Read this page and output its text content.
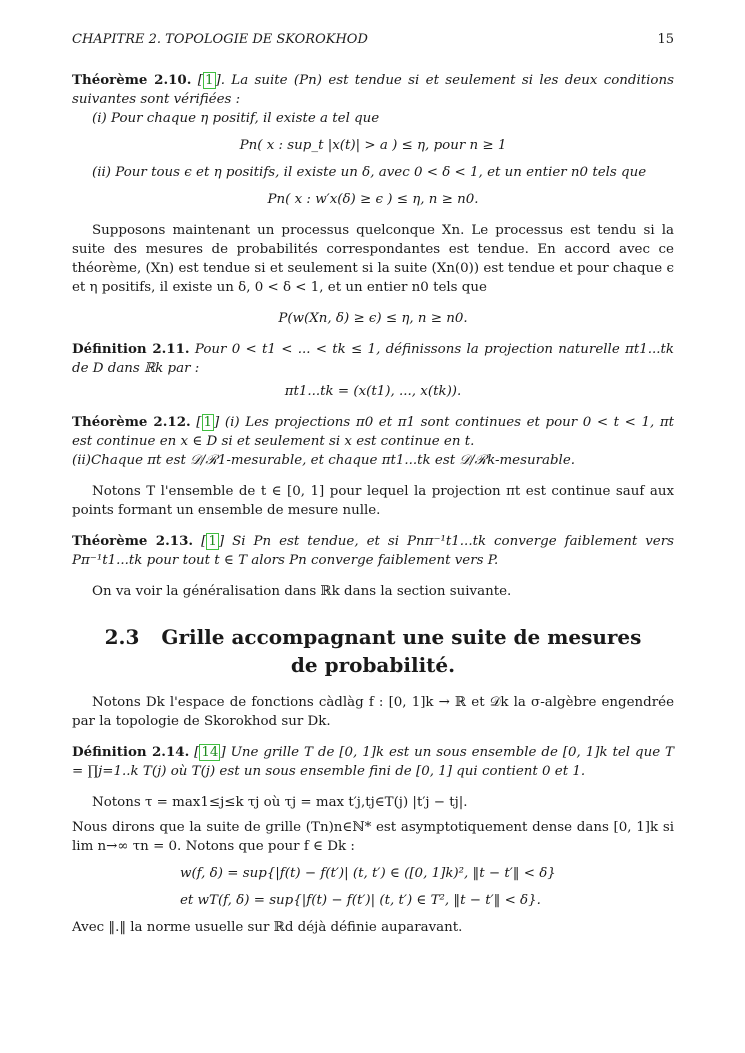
CHAPITRE 2. TOPOLOGIE DE SKOROKHOD	15

Théorème 2.10. [ 1 ]. La suite (Pn) est tendue si et seulement si les deux conditions suivantes sont vérifiées :

(i) Pour chaque η positif, il existe a tel que

Pn( x : sup_t |x(t)| > a ) ≤ η, pour n ≥ 1

(ii) Pour tous ϵ et η positifs, il existe un δ, avec 0 < δ < 1, et un entier n0 tels que

Pn( x : w′x(δ) ≥ ϵ ) ≤ η, n ≥ n0.

Supposons maintenant un processus quelconque Xn. Le processus est tendu si la suite des mesures de probabilités correspondantes est tendue. En accord avec ce théorème, (Xn) est tendue si et seulement si la suite (Xn(0)) est tendue et pour chaque ϵ et η positifs, il existe un δ, 0 < δ < 1, et un entier n0 tels que

P(w(Xn, δ) ≥ ϵ) ≤ η, n ≥ n0.

Définition 2.11. Pour 0 < t1 < ... < tk ≤ 1, définissons la projection naturelle πt1...tk de D dans ℝk par :

πt1...tk = (x(t1), ..., x(tk)).

Théorème 2.12. [ 1 ] (i) Les projections π0 et π1 sont continues et pour 0 < t < 1, πt est continue en x ∈ D si et seulement si x est continue en t.

(ii)Chaque πt est 𝒟/ℛ1-mesurable, et chaque πt1...tk est 𝒟/ℛk-mesurable.

Notons T l'ensemble de t ∈ [0, 1] pour lequel la projection πt est continue sauf aux points formant un ensemble de mesure nulle.

Théorème 2.13. [ 1 ] Si Pn est tendue, et si Pnπ⁻¹t1...tk converge faiblement vers Pπ⁻¹t1...tk pour tout t ∈ T alors Pn converge faiblement vers P.

On va voir la généralisation dans ℝk dans la section suivante.

2.3 Grille accompagnant une suite de mesures de probabilité.

Notons Dk l'espace de fonctions càdlàg f : [0, 1]k → ℝ et 𝒟k la σ-algèbre engendrée par la topologie de Skorokhod sur Dk.

Définition 2.14. [ 14 ] Une grille T de [0, 1]k est un sous ensemble de [0, 1]k tel que T = ∏j=1..k T(j) où T(j) est un sous ensemble fini de [0, 1] qui contient 0 et 1.

Notons τ = max1≤j≤k τj où τj = max t′j,tj∈T(j) |t′j − tj|.

Nous dirons que la suite de grille (Tn)n∈ℕ* est asymptotiquement dense dans [0, 1]k si lim n→∞ τn = 0. Notons que pour f ∈ Dk :

w(f, δ) = sup{|f(t) − f(t′)| (t, t′) ∈ ([0, 1]k)², ‖t − t′‖ < δ}
et wT(f, δ) = sup{|f(t) − f(t′)| (t, t′) ∈ T², ‖t − t′‖ < δ}.

Avec ‖.‖ la norme usuelle sur ℝd déjà définie auparavant.
